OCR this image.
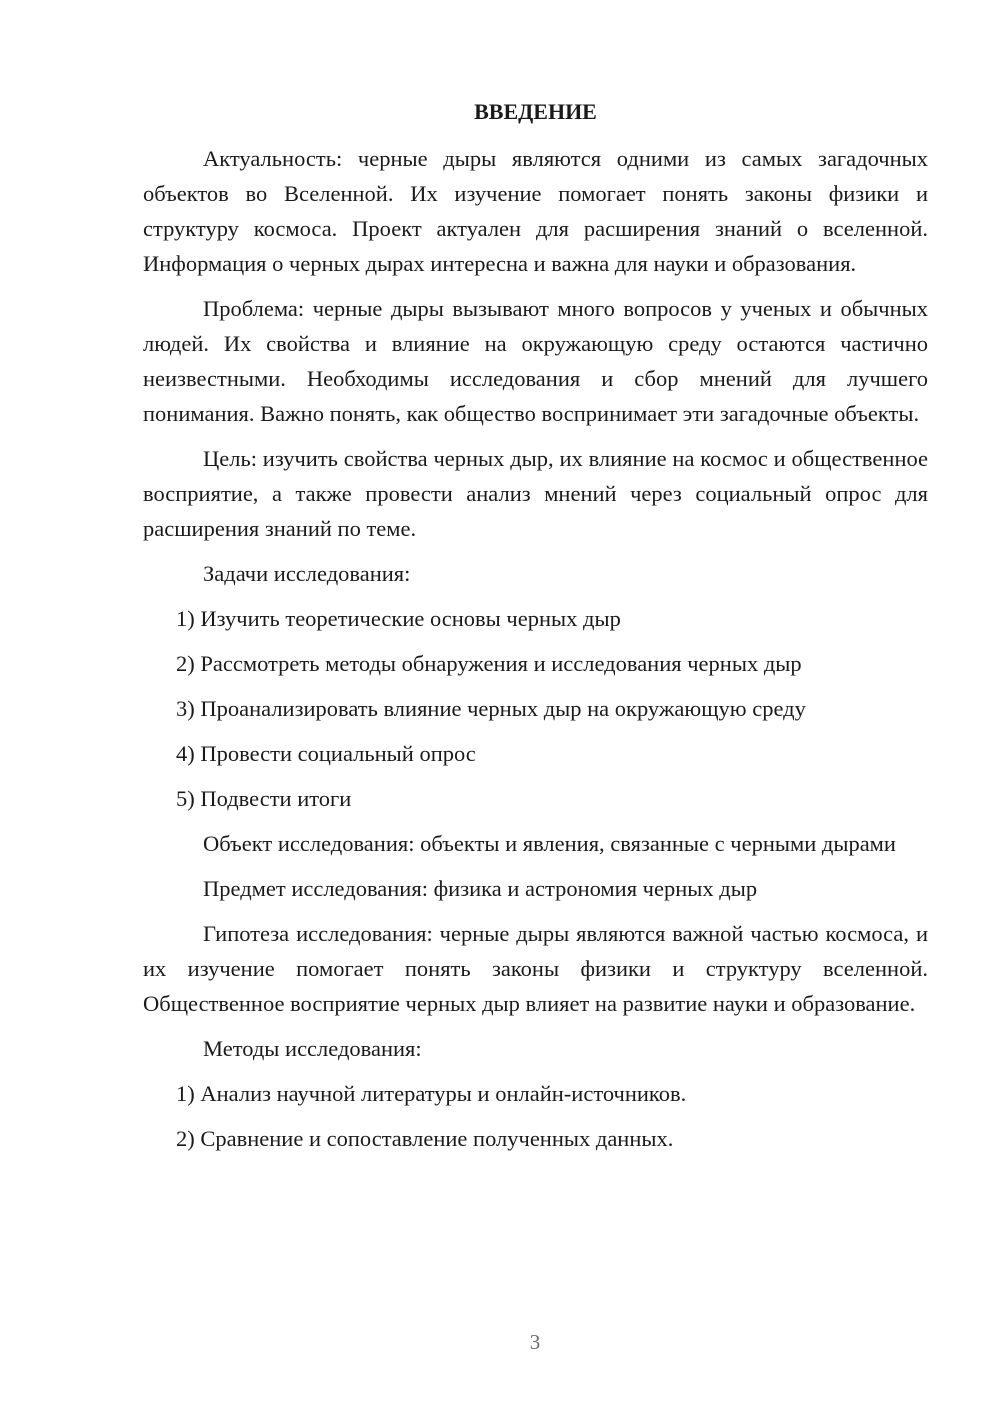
ВВЕДЕНИЕ

Актуальность: черные дыры являются одними из самых загадочных объектов во Вселенной. Их изучение помогает понять законы физики и структуру космоса. Проект актуален для расширения знаний о вселенной. Информация о черных дырах интересна и важна для науки и образования.

Проблема: черные дыры вызывают много вопросов у ученых и обычных людей. Их свойства и влияние на окружающую среду остаются частично неизвестными. Необходимы исследования и сбор мнений для лучшего понимания. Важно понять, как общество воспринимает эти загадочные объекты.

Цель: изучить свойства черных дыр, их влияние на космос и общественное восприятие, а также провести анализ мнений через социальный опрос для расширения знаний по теме.

Задачи исследования:

1) Изучить теоретические основы черных дыр
2) Рассмотреть методы обнаружения и исследования черных дыр
3) Проанализировать влияние черных дыр на окружающую среду
4) Провести социальный опрос
5) Подвести итоги

Объект исследования: объекты и явления, связанные с черными дырами

Предмет исследования: физика и астрономия черных дыр

Гипотеза исследования: черные дыры являются важной частью космоса, и их изучение помогает понять законы физики и структуру вселенной. Общественное восприятие черных дыр влияет на развитие науки и образование.

Методы исследования:

1) Анализ научной литературы и онлайн-источников.
2) Сравнение и сопоставление полученных данных.
3
